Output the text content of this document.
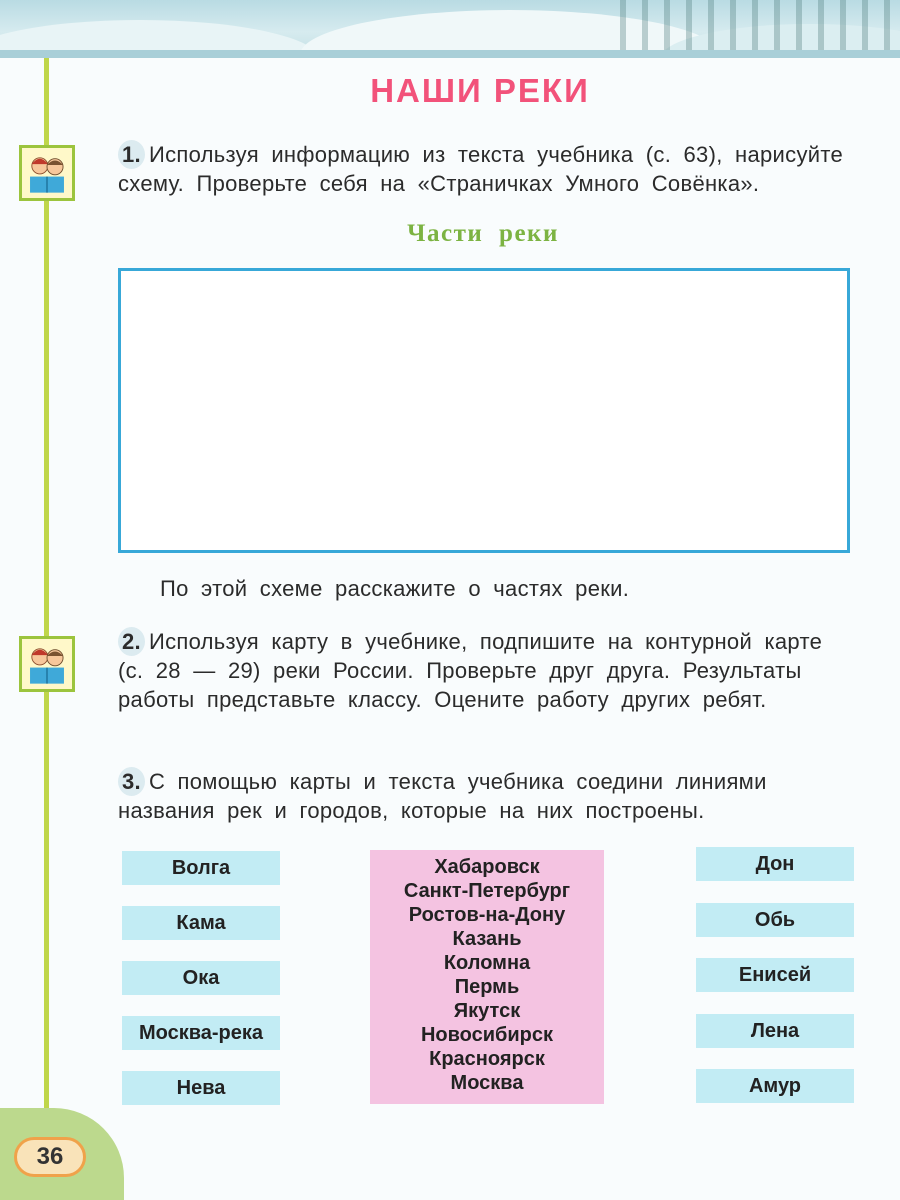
36
НАШИ РЕКИ
1. Используя информацию из текста учебника (с. 63), нарисуйте схему. Проверьте себя на «Страничках Умного Совёнка».
Части реки
По этой схеме расскажите о частях реки.
2. Используя карту в учебнике, подпишите на контурной карте (с. 28 — 29) реки России. Проверьте друг друга. Результаты работы представьте классу. Оцените работу других ребят.
3. С помощью карты и текста учебника соедини линиями названия рек и городов, которые на них построены.
Волга
Кама
Ока
Москва-река
Нева
Хабаровск
Санкт-Петербург
Ростов-на-Дону
Казань
Коломна
Пермь
Якутск
Новосибирск
Красноярск
Москва
Дон
Обь
Енисей
Лена
Амур
